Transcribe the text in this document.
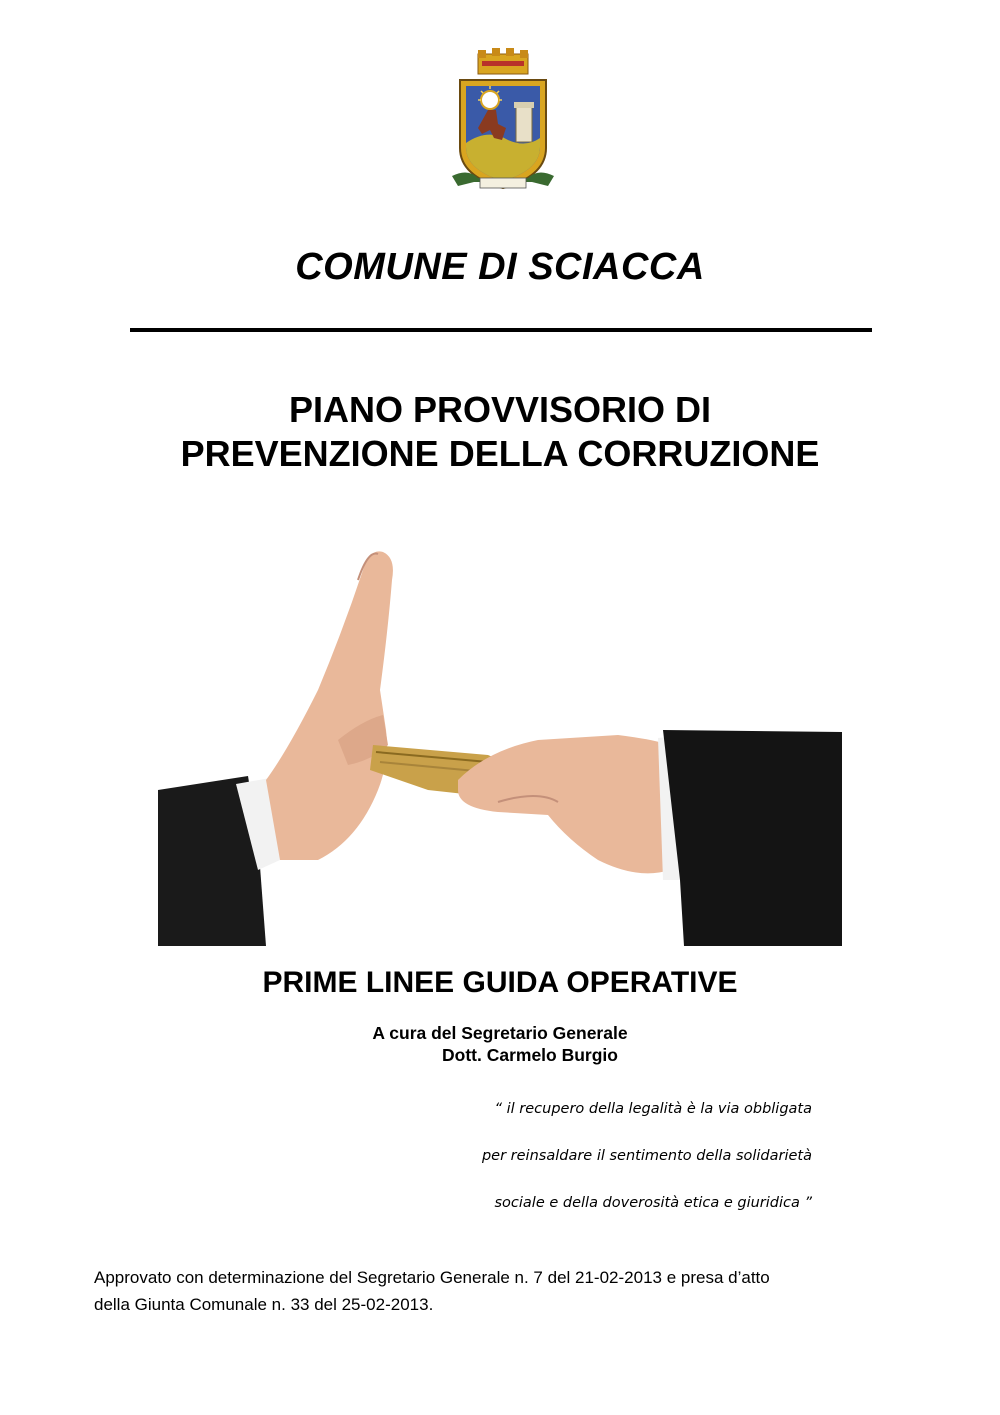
COMUNE DI SCIACCA
PIANO PROVVISORIO DI
PREVENZIONE DELLA CORRUZIONE
PRIME LINEE GUIDA OPERATIVE
A cura del Segretario Generale
Dott. Carmelo Burgio
“ il recupero della legalità è la via obbligata
per reinsaldare il sentimento della solidarietà
sociale e della doverosità etica e giuridica ”
Approvato con determinazione del Segretario Generale n. 7 del 21-02-2013 e presa d’atto
della Giunta Comunale n. 33 del 25-02-2013.
